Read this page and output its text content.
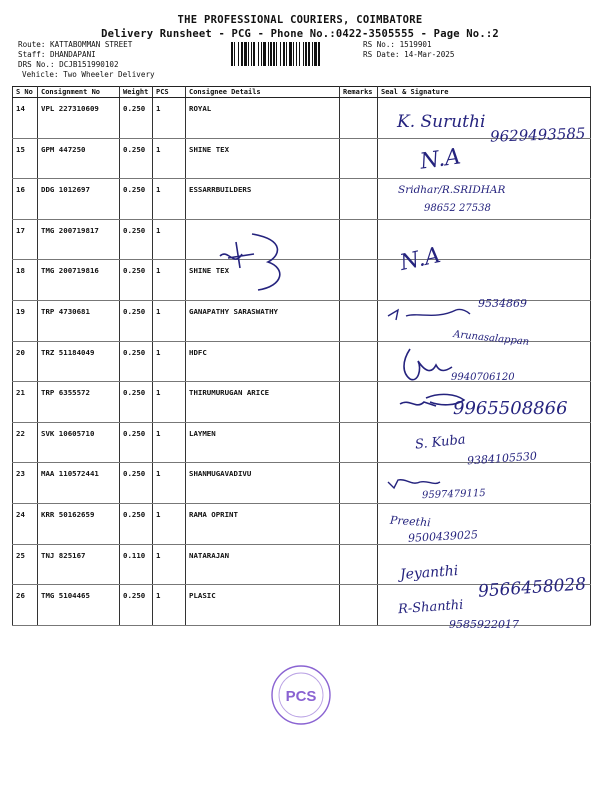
THE PROFESSIONAL COURIERS, COIMBATORE
Delivery Runsheet - PCG - Phone No.:0422-3505555 - Page No.:2
Route: KATTABOMMAN STREET
Staff: DHANDAPANI
DRS No.: DCJB151990102
Vehicle: Two Wheeler Delivery
RS No.: 1519901
RS Date: 14-Mar-2025
S No	Consignment No	Weight	PCS	Consignee Details	Remarks	Seal & Signature
14	VPL 227310609	0.250	1	ROYAL		
15	GPM 447250	0.250	1	SHINE TEX		
16	DDG 1012697	0.250	1	ESSARRBUILDERS		
17	TMG 200719817	0.250	1			
18	TMG 200719816	0.250	1	SHINE TEX		
19	TRP 4730681	0.250	1	GANAPATHY SARASWATHY		
20	TRZ 51184049	0.250	1	HDFC		
21	TRP 6355572	0.250	1	THIRUMURUGAN ARICE		
22	SVK 10605710	0.250	1	LAYMEN		
23	MAA 110572441	0.250	1	SHANMUGAVADIVU		
24	KRR 50162659	0.250	1	RAMA OPRINT		
25	TNJ 825167	0.110	1	NATARAJAN		
26	TMG 5104465	0.250	1	PLASIC		
K. Suruthi
9629493585
N.A
Sridhar/R.SRIDHAR
98652 27538
N.A
9534869
Arunasalappan
9940706120
9965508866
S. Kuba
9384105530
9597479115
Preethi
9500439025
Jeyanthi
9566458028
R-Shanthi
9585922017
PCS
